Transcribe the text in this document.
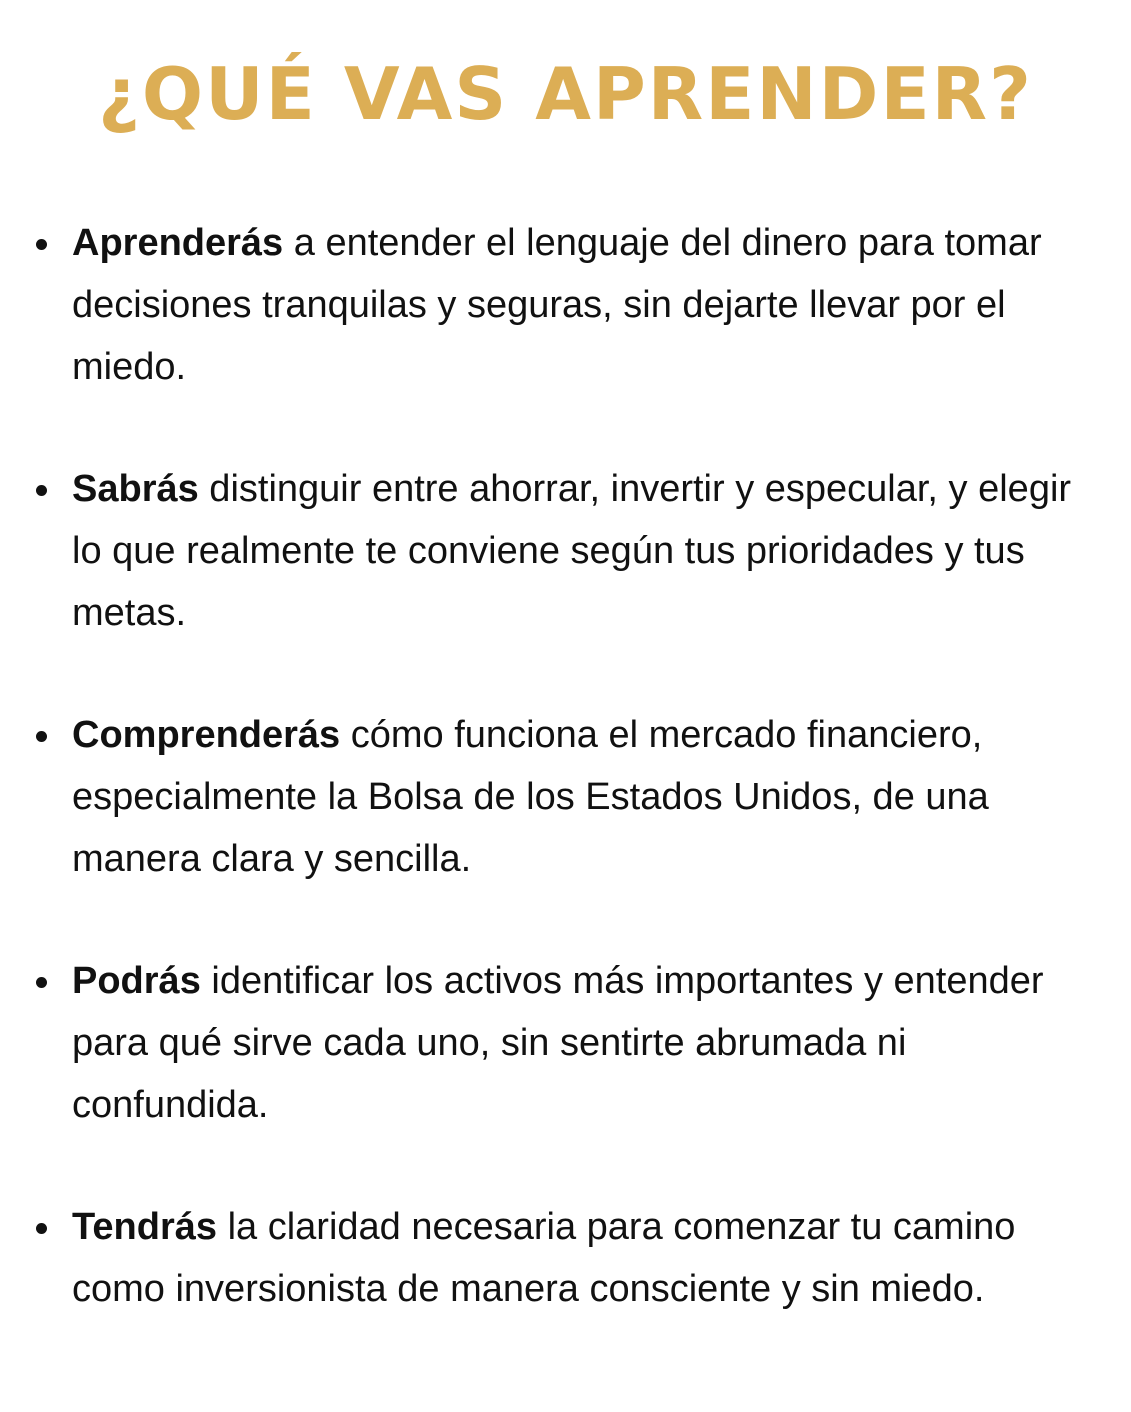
¿QUÉ VAS APRENDER?
Aprenderás a entender el lenguaje del dinero para tomar decisiones tranquilas y seguras, sin dejarte llevar por el miedo.
Sabrás distinguir entre ahorrar, invertir y especular, y elegir lo que realmente te conviene según tus prioridades y tus metas.
Comprenderás cómo funciona el mercado financiero, especialmente la Bolsa de los Estados Unidos, de una manera clara y sencilla.
Podrás identificar los activos más importantes y entender para qué sirve cada uno, sin sentirte abrumada ni confundida.
Tendrás la claridad necesaria para comenzar tu camino como inversionista de manera consciente y sin miedo.
